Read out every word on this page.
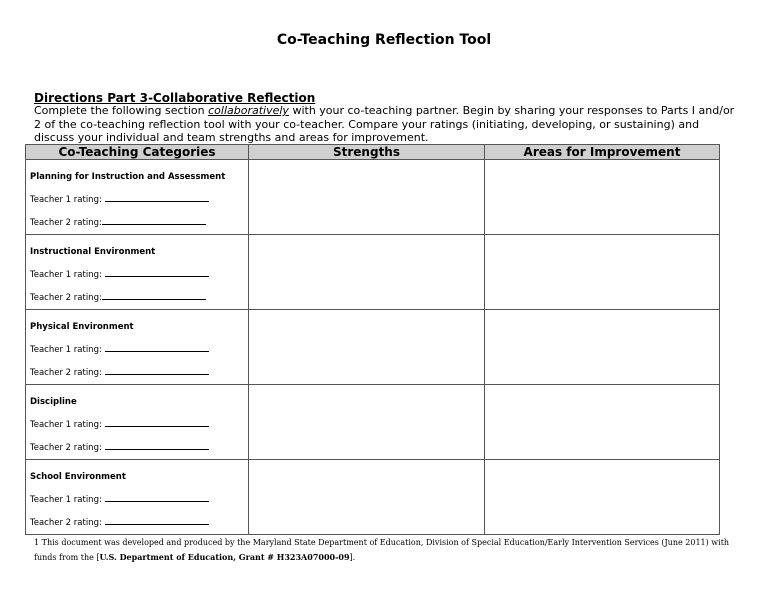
Co-Teaching Reflection Tool
Directions Part 3-Collaborative Reflection
Complete the following section collaboratively with your co-teaching partner. Begin by sharing your responses to Parts I and/or 2 of the co-teaching reflection tool with your co-teacher. Compare your ratings (initiating, developing, or sustaining) and discuss your individual and team strengths and areas for improvement.
Co-Teaching Categories	Strengths	Areas for Improvement

Planning for Instruction and Assessment
Teacher 1 rating:
Teacher 2 rating:		

Instructional Environment
Teacher 1 rating:
Teacher 2 rating:		

Physical Environment
Teacher 1 rating:
Teacher 2 rating:		

Discipline
Teacher 1 rating:
Teacher 2 rating:		

School Environment
Teacher 1 rating:
Teacher 2 rating:		

1 This document was developed and produced by the Maryland State Department of Education, Division of Special Education/Early Intervention Services (June 2011) with funds from the [U.S. Department of Education, Grant # H323A07000-09].
